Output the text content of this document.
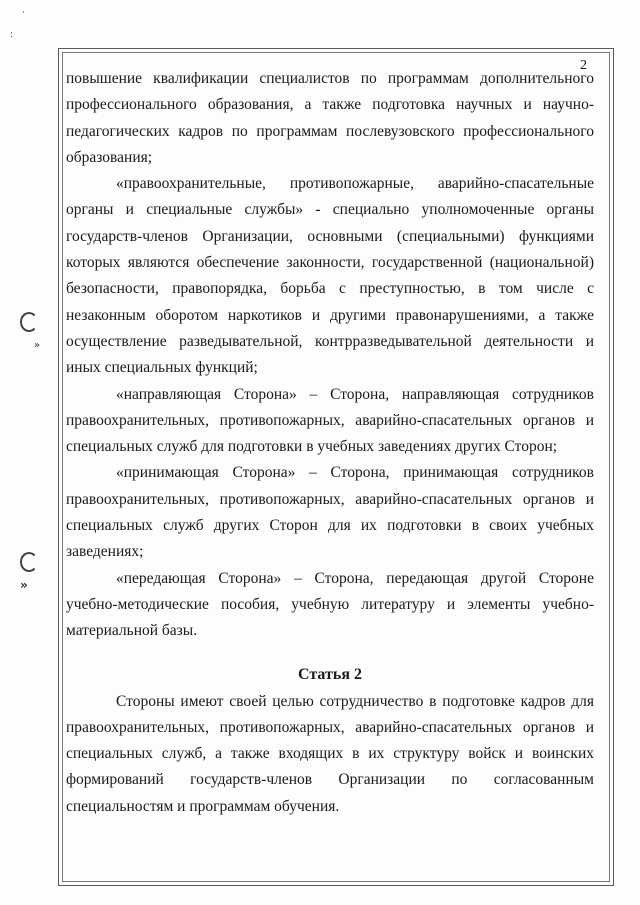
·
:
»
»
2

повышение квалификации специалистов по программам дополнительного профессионального образования, а также подготовка научных и научно-педагогических кадров по программам послевузовского профессионального образования;

«правоохранительные, противопожарные, аварийно-спасательные органы и специальные службы» - специально уполномоченные органы государств-членов Организации, основными (специальными) функциями которых являются обеспечение законности, государственной (национальной) безопасности, правопорядка, борьба с преступностью, в том числе с незаконным оборотом наркотиков и другими правонарушениями, а также осуществление разведывательной, контрразведывательной деятельности и иных специальных функций;

«направляющая Сторона» – Сторона, направляющая сотрудников правоохранительных, противопожарных, аварийно-спасательных органов и специальных служб для подготовки в учебных заведениях других Сторон;

«принимающая Сторона» – Сторона, принимающая сотрудников правоохранительных, противопожарных, аварийно-спасательных органов и специальных служб других Сторон для их подготовки в своих учебных заведениях;

«передающая Сторона» – Сторона, передающая другой Стороне учебно-методические пособия, учебную литературу и элементы учебно-материальной базы.

Статья 2

Стороны имеют своей целью сотрудничество в подготовке кадров для правоохранительных, противопожарных, аварийно-спасательных органов и специальных служб, а также входящих в их структуру войск и воинских формирований государств-членов Организации по согласованным специальностям и программам обучения.
